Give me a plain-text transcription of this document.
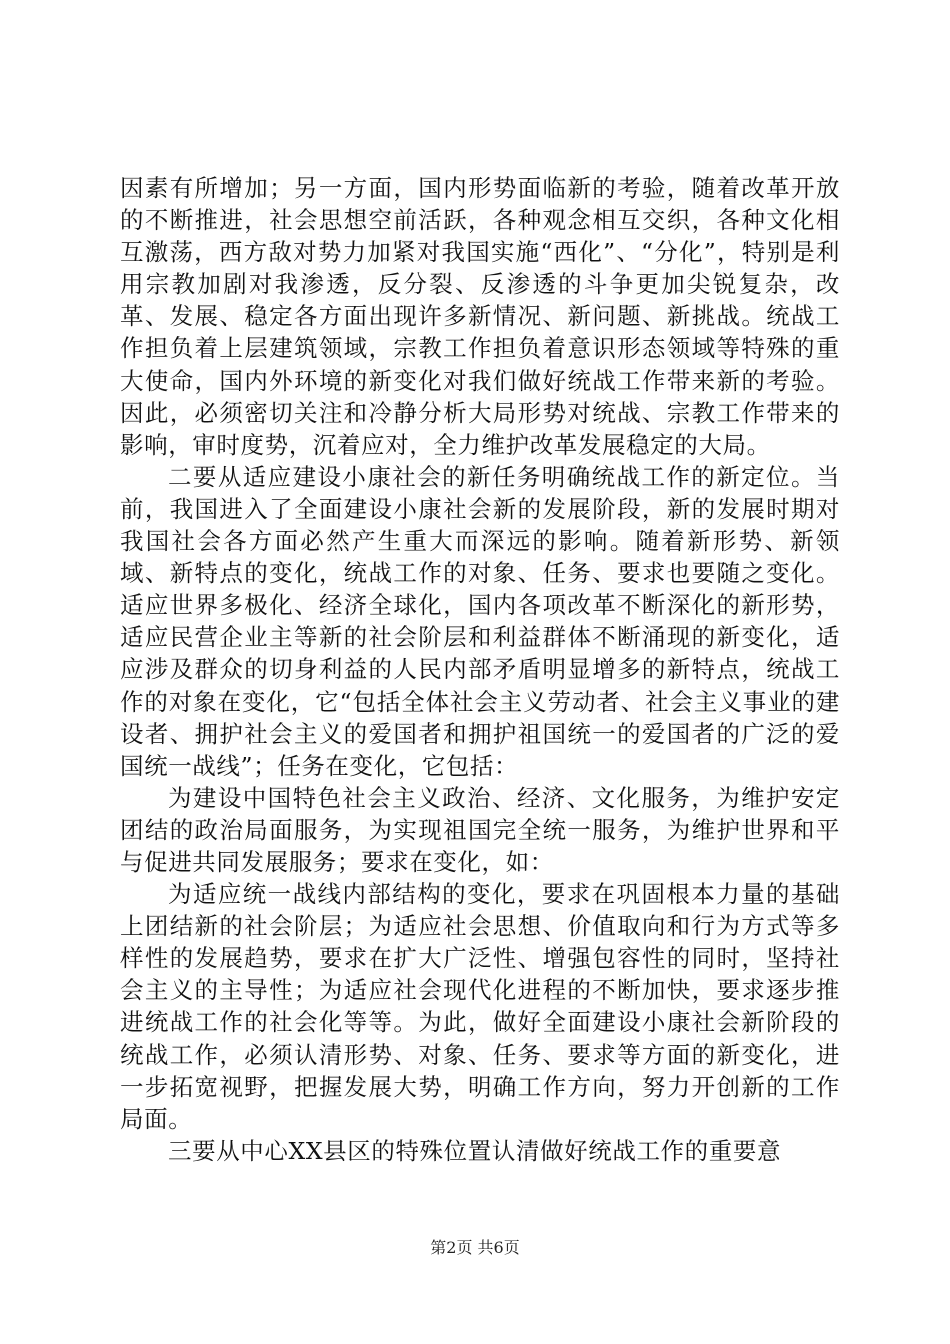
因素有所增加；另一方面，国内形势面临新的考验，随着改革开放的不断推进，社会思想空前活跃，各种观念相互交织，各种文化相互激荡，西方敌对势力加紧对我国实施“西化”、“分化”，特别是利用宗教加剧对我渗透，反分裂、反渗透的斗争更加尖锐复杂，改革、发展、稳定各方面出现许多新情况、新问题、新挑战。统战工作担负着上层建筑领域，宗教工作担负着意识形态领域等特殊的重大使命，国内外环境的新变化对我们做好统战工作带来新的考验。因此，必须密切关注和冷静分析大局形势对统战、宗教工作带来的影响，审时度势，沉着应对，全力维护改革发展稳定的大局。

二要从适应建设小康社会的新任务明确统战工作的新定位。当前，我国进入了全面建设小康社会新的发展阶段，新的发展时期对我国社会各方面必然产生重大而深远的影响。随着新形势、新领域、新特点的变化，统战工作的对象、任务、要求也要随之变化。适应世界多极化、经济全球化，国内各项改革不断深化的新形势，适应民营企业主等新的社会阶层和利益群体不断涌现的新变化，适应涉及群众的切身利益的人民内部矛盾明显增多的新特点，统战工作的对象在变化，它“包括全体社会主义劳动者、社会主义事业的建设者、拥护社会主义的爱国者和拥护祖国统一的爱国者的广泛的爱国统一战线”；任务在变化，它包括：

为建设中国特色社会主义政治、经济、文化服务，为维护安定团结的政治局面服务，为实现祖国完全统一服务，为维护世界和平与促进共同发展服务；要求在变化，如：

为适应统一战线内部结构的变化，要求在巩固根本力量的基础上团结新的社会阶层；为适应社会思想、价值取向和行为方式等多样性的发展趋势，要求在扩大广泛性、增强包容性的同时，坚持社会主义的主导性；为适应社会现代化进程的不断加快，要求逐步推进统战工作的社会化等等。为此，做好全面建设小康社会新阶段的统战工作，必须认清形势、对象、任务、要求等方面的新变化，进一步拓宽视野，把握发展大势，明确工作方向，努力开创新的工作局面。

三要从中心XX县区的特殊位置认清做好统战工作的重要意

第2页 共6页
